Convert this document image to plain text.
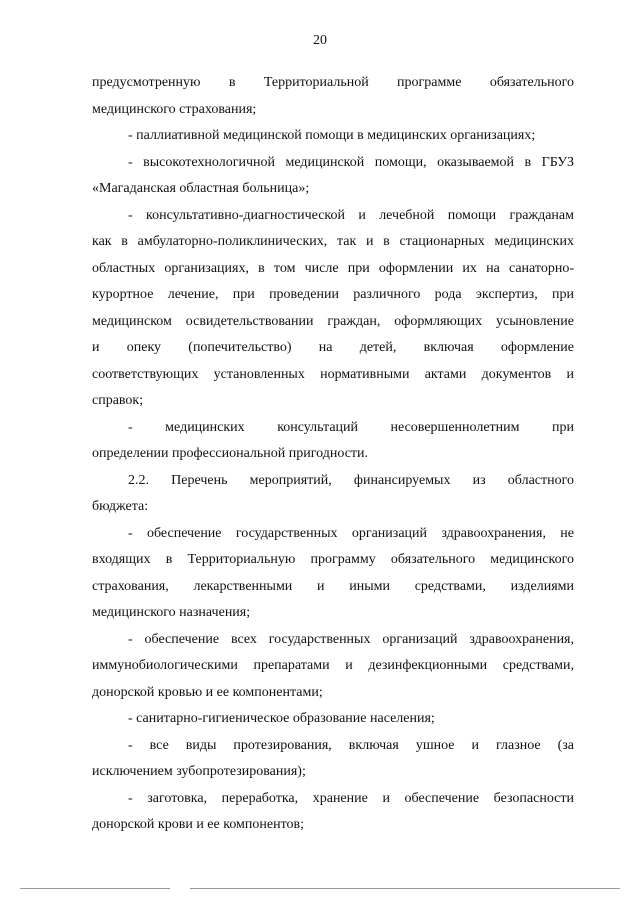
20

предусмотренную в Территориальной программе обязательного

медицинского страхования;

- паллиативной медицинской помощи в медицинских организациях;

- высокотехнологичной медицинской помощи, оказываемой в ГБУЗ

«Магаданская областная больница»;

- консультативно-диагностической и лечебной помощи гражданам

как в амбулаторно-поликлинических, так и в стационарных медицинских

областных организациях, в том числе при оформлении их на санаторно-

курортное лечение, при проведении различного рода экспертиз, при

медицинском освидетельствовании граждан, оформляющих усыновление

и опеку (попечительство) на детей, включая оформление

соответствующих установленных нормативными актами документов и

справок;

- медицинских консультаций несовершеннолетним при

определении профессиональной пригодности.

2.2. Перечень мероприятий, финансируемых из областного

бюджета:

- обеспечение государственных организаций здравоохранения, не

входящих в Территориальную программу обязательного медицинского

страхования, лекарственными и иными средствами, изделиями

медицинского назначения;

- обеспечение всех государственных организаций здравоохранения,

иммунобиологическими препаратами и дезинфекционными средствами,

донорской кровью и ее компонентами;

- санитарно-гигиеническое образование населения;

- все виды протезирования, включая ушное и глазное (за

исключением зубопротезирования);

- заготовка, переработка, хранение и обеспечение безопасности

донорской крови и ее компонентов;
